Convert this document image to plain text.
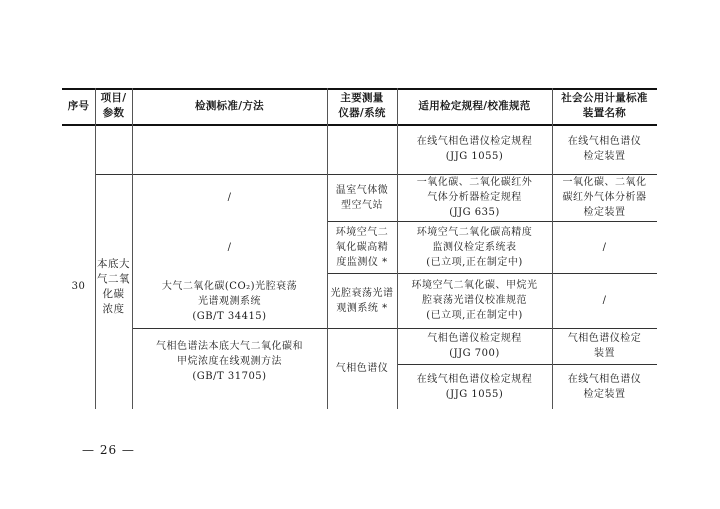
序号
项目/
参数
检测标准/方法
主要测量
仪器/系统
适用检定规程/校准规范
社会公用计量标准
装置名称
30
本底大
气二氧
化碳
浓度
/
/
大气二氧化碳(CO₂)光腔衰荡
光谱观测系统
(GB/T 34415)
气相色谱法本底大气二氧化碳和
甲烷浓度在线观测方法
(GB/T 31705)
温室气体微
型空气站
环境空气二
氧化碳高精
度监测仪 *
光腔衰荡光谱
观测系统 *
气相色谱仪
在线气相色谱仪检定规程
(JJG 1055)
一氧化碳、二氧化碳红外
气体分析器检定规程
(JJG 635)
环境空气二氧化碳高精度
监测仪检定系统表
(已立项,正在制定中)
环境空气二氧化碳、甲烷光
腔衰荡光谱仪校准规范
(已立项,正在制定中)
气相色谱仪检定规程
(JJG 700)
在线气相色谱仪检定规程
(JJG 1055)
在线气相色谱仪
检定装置
一氧化碳、二氧化
碳红外气体分析器
检定装置
/
/
气相色谱仪检定
装置
在线气相色谱仪
检定装置
— 26 —
